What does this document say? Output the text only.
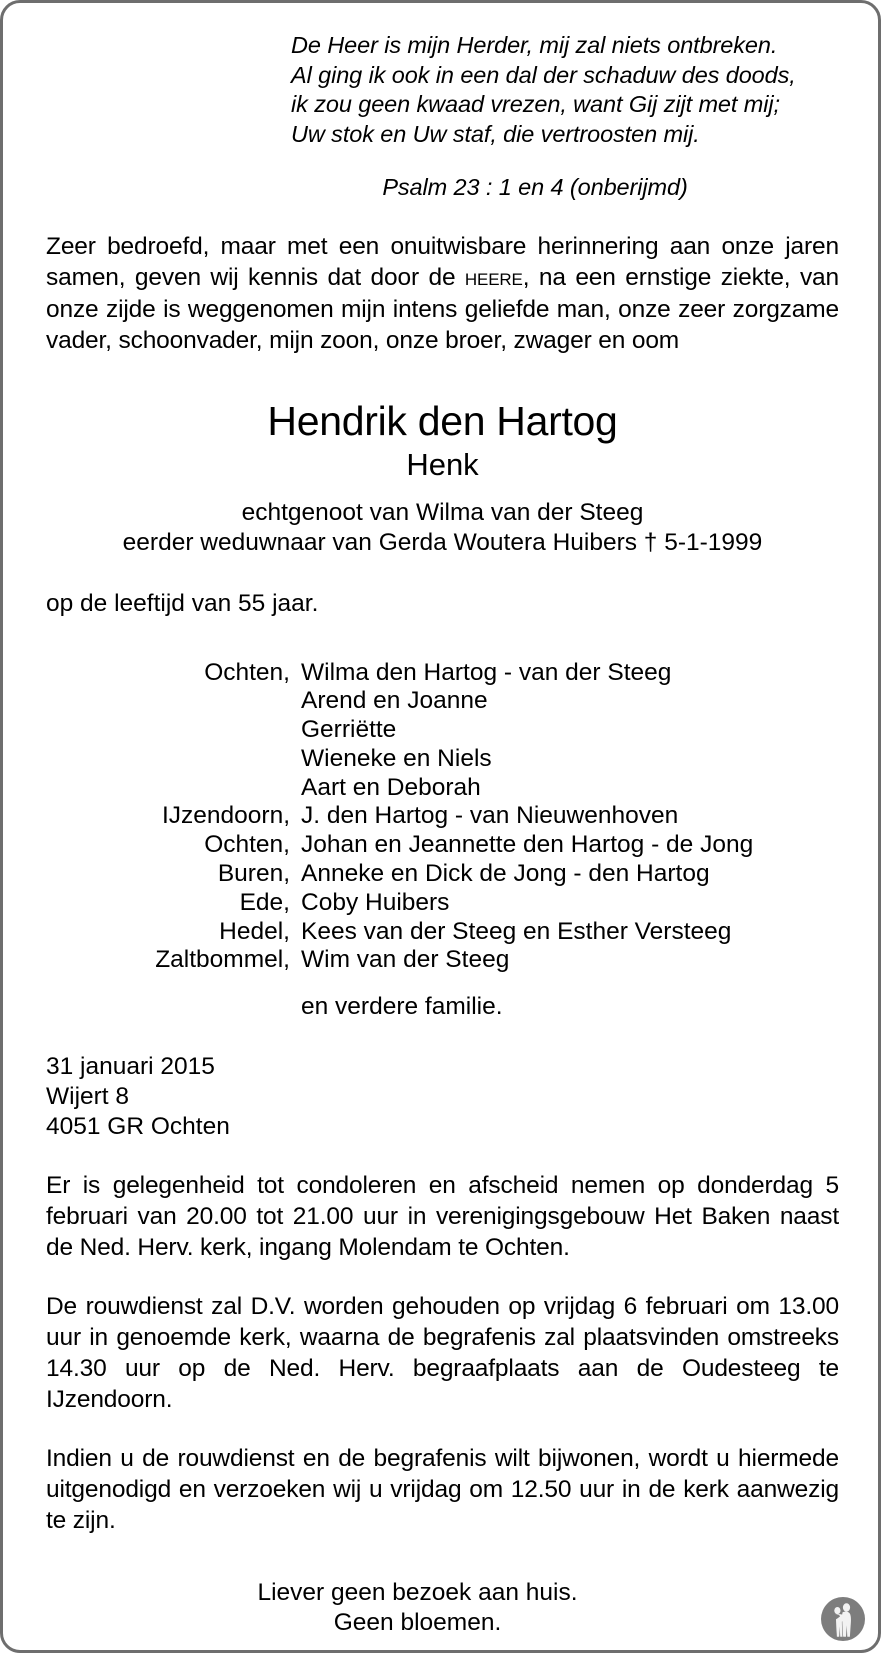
De Heer is mijn Herder, mij zal niets ontbreken.
Al ging ik ook in een dal der schaduw des doods,
ik zou geen kwaad vrezen, want Gij zijt met mij;
Uw stok en Uw staf, die vertroosten mij.
Psalm 23 : 1 en 4 (onberijmd)

Zeer bedroefd, maar met een onuitwisbare herinnering aan onze jaren samen, geven wij kennis dat door de heere, na een ernstige ziekte, van onze zijde is weggenomen mijn intens geliefde man, onze zeer zorgzame vader, schoonvader, mijn zoon, onze broer, zwager en oom

Hendrik den Hartog
Henk
echtgenoot van Wilma van der Steeg
eerder weduwnaar van Gerda Woutera Huibers † 5-1-1999
op de leeftijd van 55 jaar.
Ochten,	Wilma den Hartog - van der Steeg
	Arend en Joanne
	Gerriëtte
	Wieneke en Niels
	Aart en Deborah
IJzendoorn,	J. den Hartog - van Nieuwenhoven
Ochten,	Johan en Jeannette den Hartog - de Jong
Buren,	Anneke en Dick de Jong - den Hartog
Ede,	Coby Huibers
Hedel,	Kees van der Steeg en Esther Versteeg
Zaltbommel,	Wim van der Steeg

	en verdere familie.
31 januari 2015
Wijert 8
4051 GR Ochten

Er is gelegenheid tot condoleren en afscheid nemen op donderdag 5 februari van 20.00 tot 21.00 uur in verenigingsgebouw Het Baken naast de Ned. Herv. kerk, ingang Molendam te Ochten.

De rouwdienst zal D.V. worden gehouden op vrijdag 6 februari om 13.00 uur in genoemde kerk, waarna de begrafenis zal plaatsvinden omstreeks 14.30 uur op de Ned. Herv. begraafplaats aan de Oudesteeg te IJzendoorn.

Indien u de rouwdienst en de begrafenis wilt bijwonen, wordt u hiermede uitgenodigd en verzoeken wij u vrijdag om 12.50 uur in de kerk aanwezig te zijn.

Liever geen bezoek aan huis.
Geen bloemen.
